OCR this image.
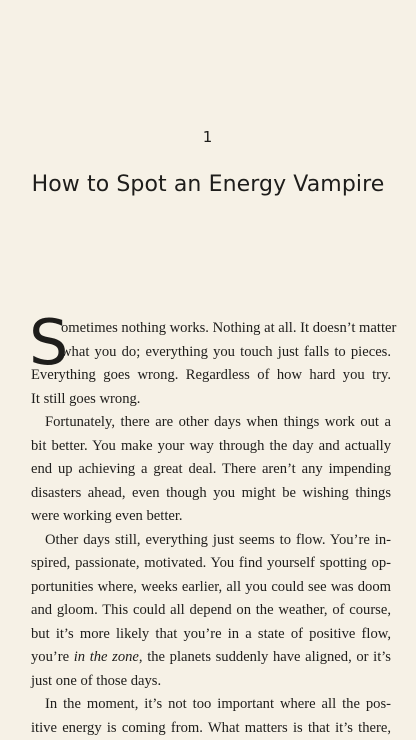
1
How to Spot an Energy Vampire
S
ometimes nothing works. Nothing at all. It doesn’t matter
what you do; everything you touch just falls to pieces.
Everything goes wrong. Regardless of how hard you try.
It still goes wrong.
Fortunately, there are other days when things work out a
bit better. You make your way through the day and actually
end up achieving a great deal. There aren’t any impending
disasters ahead, even though you might be wishing things
were working even better.
Other days still, everything just seems to flow. You’re in-
spired, passionate, motivated. You find yourself spotting op-
portunities where, weeks earlier, all you could see was doom
and gloom. This could all depend on the weather, of course,
but it’s more likely that you’re in a state of positive flow,
you’re in the zone, the planets suddenly have aligned, or it’s
just one of those days.
In the moment, it’s not too important where all the pos-
itive energy is coming from. What matters is that it’s there,
